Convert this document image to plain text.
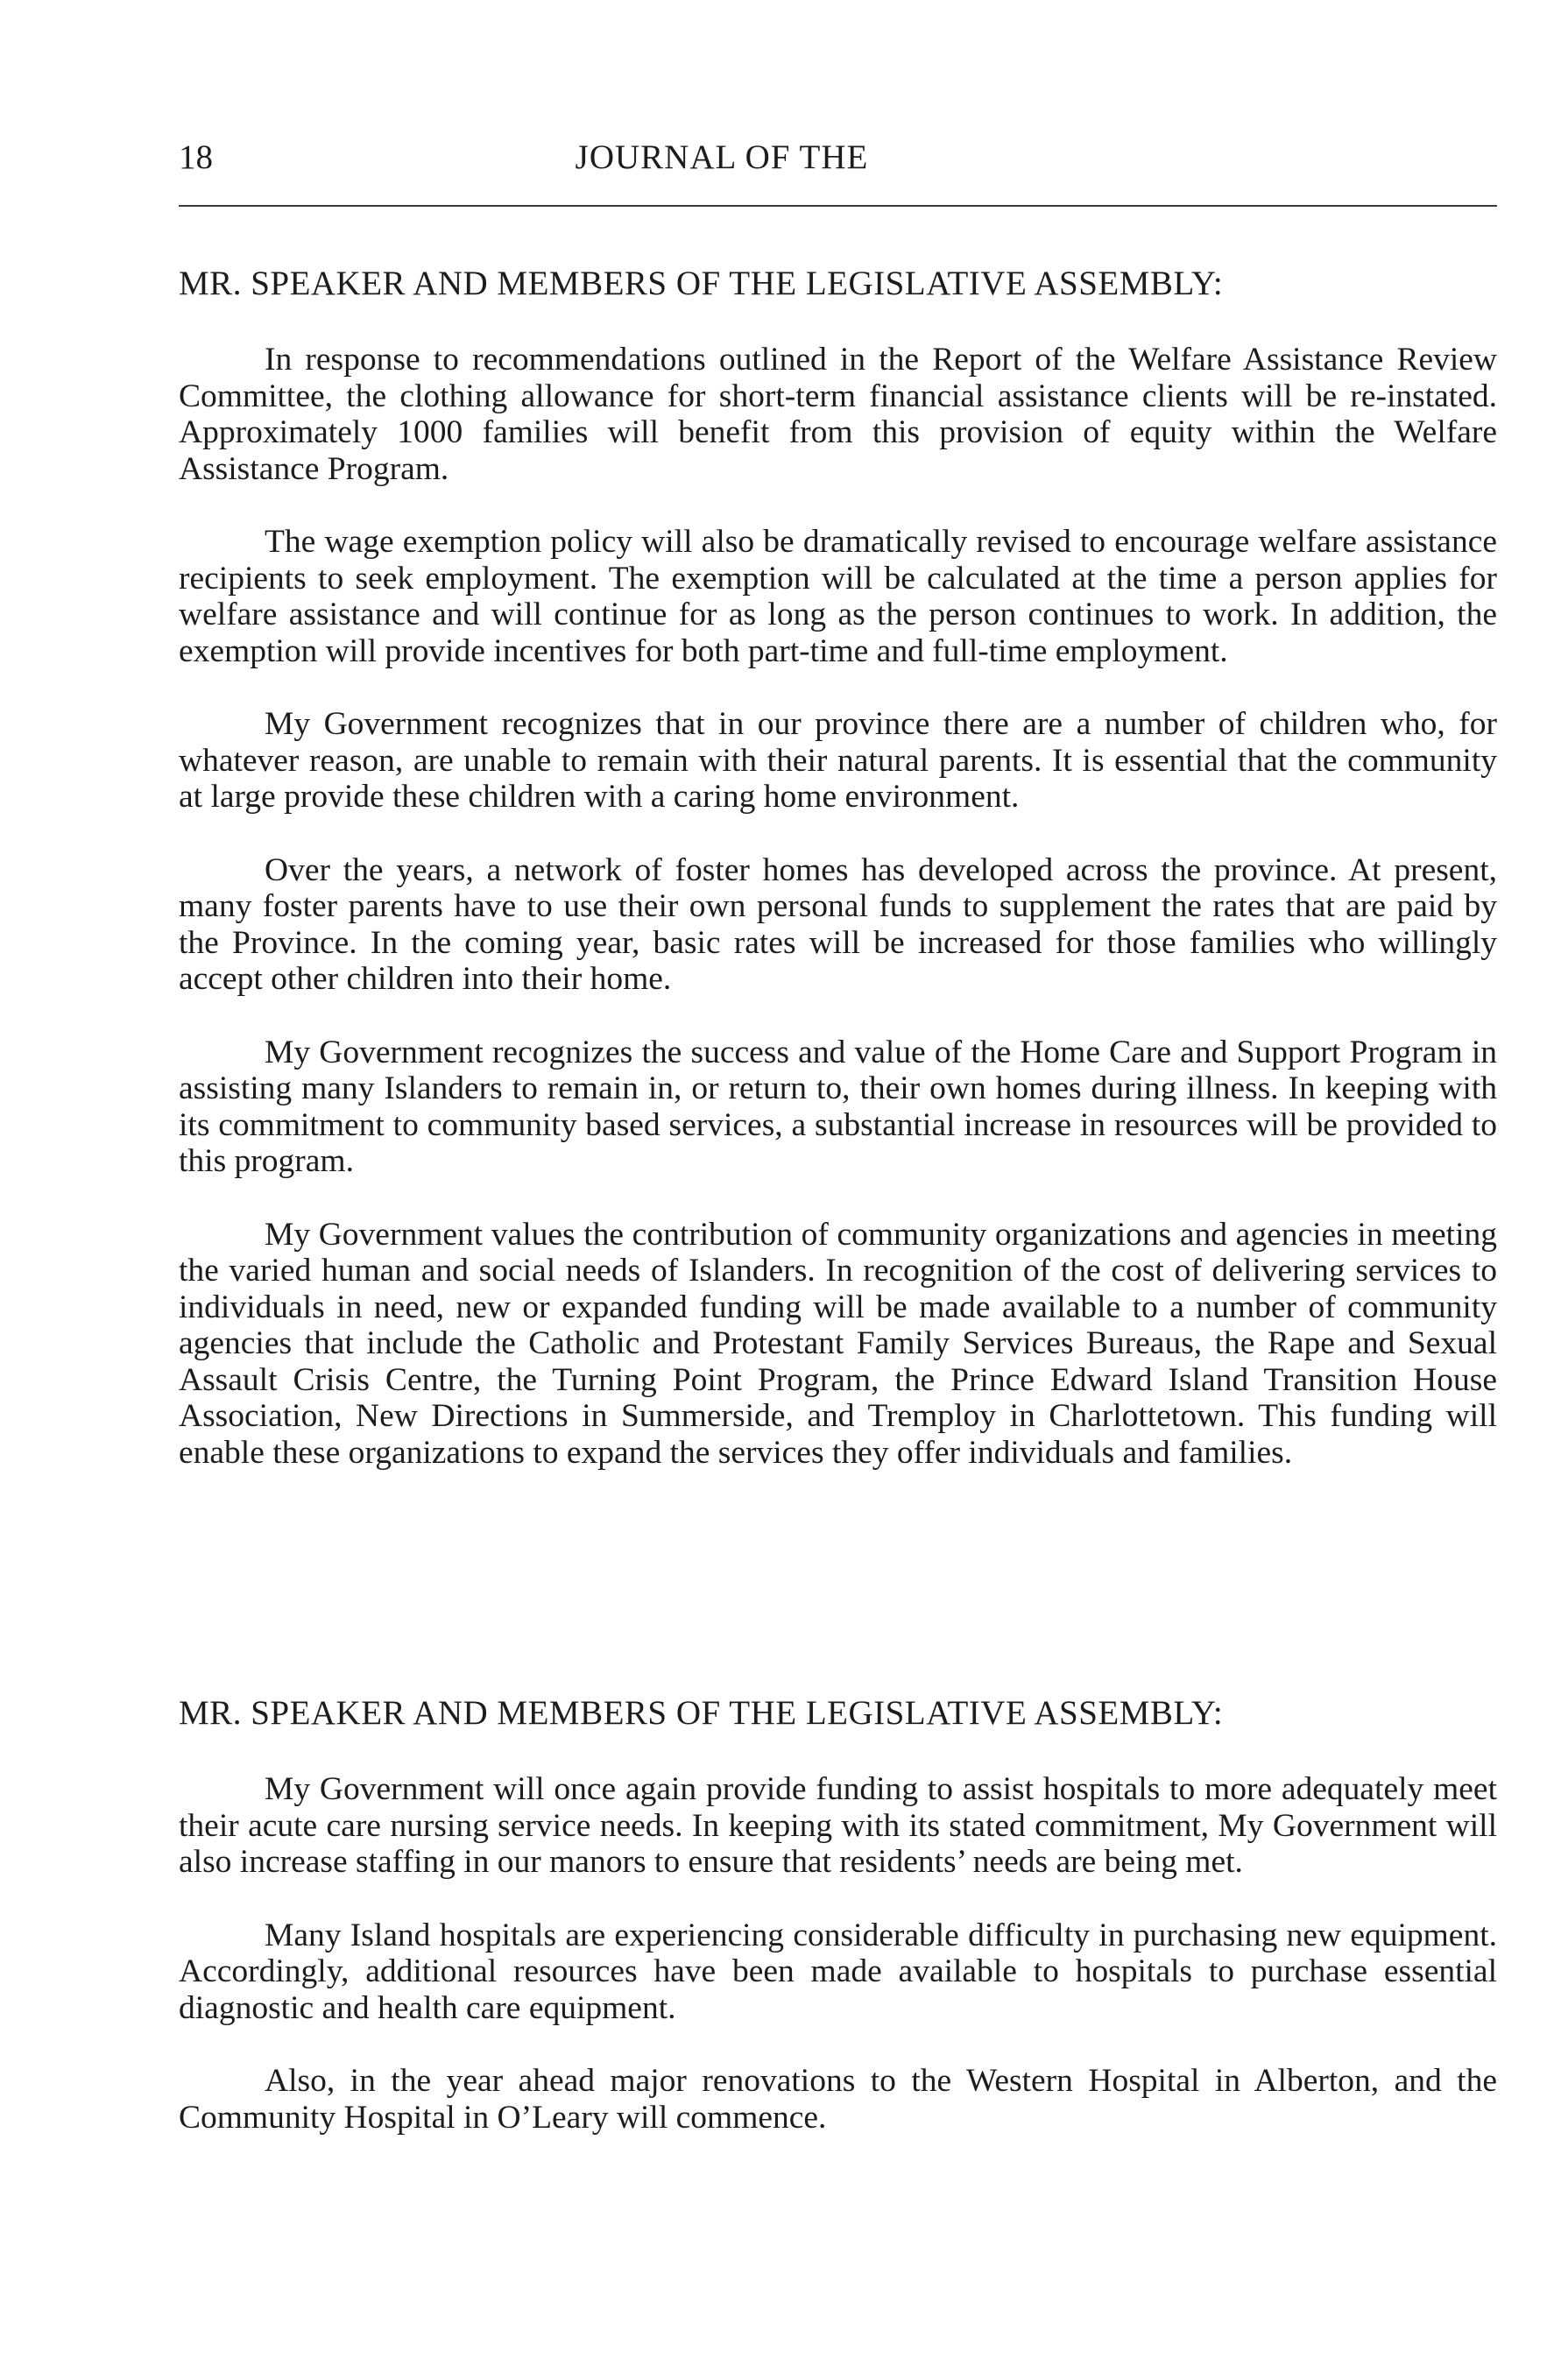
18	JOURNAL OF THE
MR. SPEAKER AND MEMBERS OF THE LEGISLATIVE ASSEMBLY:

In response to recommendations outlined in the Report of the Welfare Assistance Review Committee, the clothing allowance for short-term financial assistance clients will be re-instated. Approximately 1000 families will benefit from this provision of equity within the Welfare Assistance Program.

The wage exemption policy will also be dramatically revised to encourage welfare assistance recipients to seek employment. The exemption will be calculated at the time a person applies for welfare assistance and will continue for as long as the person continues to work. In addition, the exemption will provide incentives for both part-time and full-time employment.

My Government recognizes that in our province there are a number of children who, for whatever reason, are unable to remain with their natural parents. It is essential that the community at large provide these children with a caring home environment.

Over the years, a network of foster homes has developed across the province. At present, many foster parents have to use their own personal funds to supplement the rates that are paid by the Province. In the coming year, basic rates will be increased for those families who willingly accept other children into their home.

My Government recognizes the success and value of the Home Care and Support Program in assisting many Islanders to remain in, or return to, their own homes during illness. In keeping with its commitment to community based services, a substantial increase in resources will be provided to this program.

My Government values the contribution of community organizations and agencies in meeting the varied human and social needs of Islanders. In recognition of the cost of delivering services to individuals in need, new or expanded funding will be made available to a number of community agencies that include the Catholic and Protestant Family Services Bureaus, the Rape and Sexual Assault Crisis Centre, the Turning Point Program, the Prince Edward Island Transition House Association, New Directions in Summerside, and Tremploy in Charlottetown. This funding will enable these organizations to expand the services they offer individuals and families.

MR. SPEAKER AND MEMBERS OF THE LEGISLATIVE ASSEMBLY:

My Government will once again provide funding to assist hospitals to more adequately meet their acute care nursing service needs. In keeping with its stated commitment, My Government will also increase staffing in our manors to ensure that residents’ needs are being met.

Many Island hospitals are experiencing considerable difficulty in purchasing new equipment. Accordingly, additional resources have been made available to hospitals to purchase essential diagnostic and health care equipment.

Also, in the year ahead major renovations to the Western Hospital in Alberton, and the Community Hospital in O’Leary will commence.
